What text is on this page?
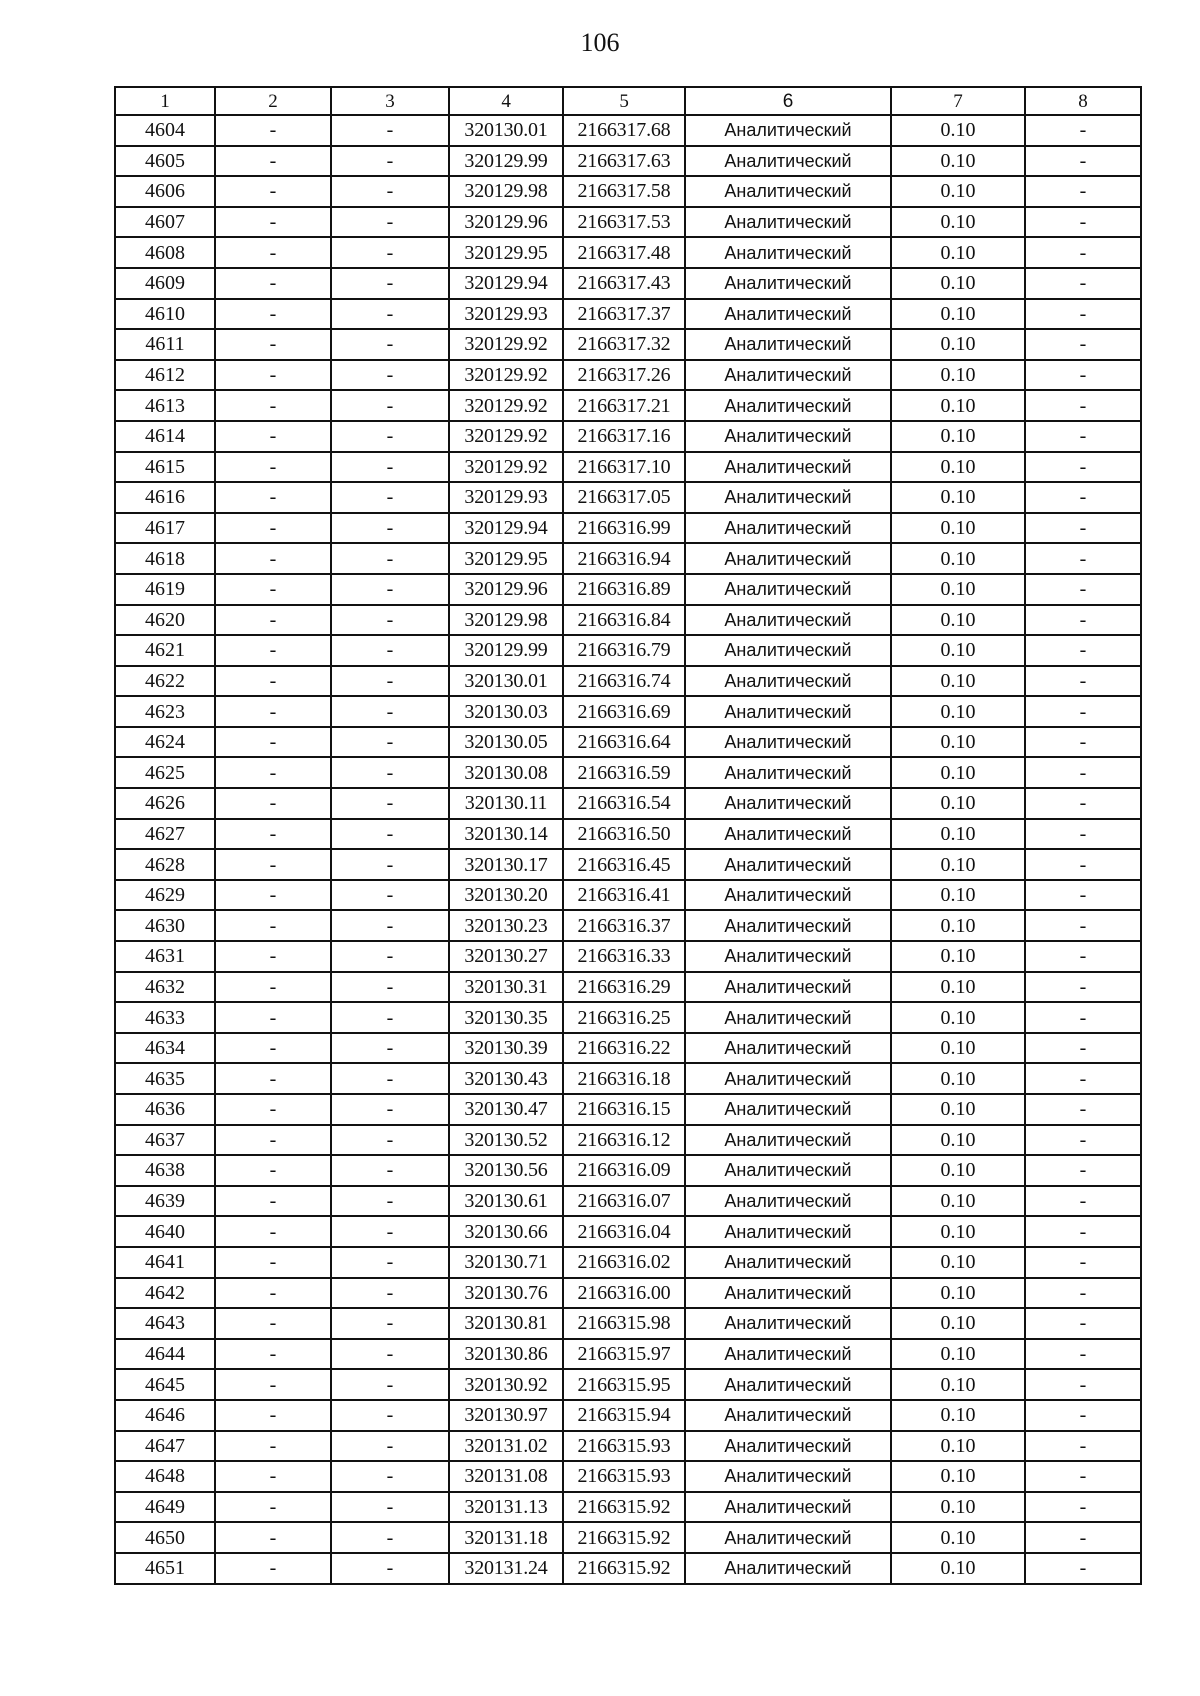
106
1	2	3	4	5	6	7	8
4604	-	-	320130.01	2166317.68	Аналитический	0.10	-
4605	-	-	320129.99	2166317.63	Аналитический	0.10	-
4606	-	-	320129.98	2166317.58	Аналитический	0.10	-
4607	-	-	320129.96	2166317.53	Аналитический	0.10	-
4608	-	-	320129.95	2166317.48	Аналитический	0.10	-
4609	-	-	320129.94	2166317.43	Аналитический	0.10	-
4610	-	-	320129.93	2166317.37	Аналитический	0.10	-
4611	-	-	320129.92	2166317.32	Аналитический	0.10	-
4612	-	-	320129.92	2166317.26	Аналитический	0.10	-
4613	-	-	320129.92	2166317.21	Аналитический	0.10	-
4614	-	-	320129.92	2166317.16	Аналитический	0.10	-
4615	-	-	320129.92	2166317.10	Аналитический	0.10	-
4616	-	-	320129.93	2166317.05	Аналитический	0.10	-
4617	-	-	320129.94	2166316.99	Аналитический	0.10	-
4618	-	-	320129.95	2166316.94	Аналитический	0.10	-
4619	-	-	320129.96	2166316.89	Аналитический	0.10	-
4620	-	-	320129.98	2166316.84	Аналитический	0.10	-
4621	-	-	320129.99	2166316.79	Аналитический	0.10	-
4622	-	-	320130.01	2166316.74	Аналитический	0.10	-
4623	-	-	320130.03	2166316.69	Аналитический	0.10	-
4624	-	-	320130.05	2166316.64	Аналитический	0.10	-
4625	-	-	320130.08	2166316.59	Аналитический	0.10	-
4626	-	-	320130.11	2166316.54	Аналитический	0.10	-
4627	-	-	320130.14	2166316.50	Аналитический	0.10	-
4628	-	-	320130.17	2166316.45	Аналитический	0.10	-
4629	-	-	320130.20	2166316.41	Аналитический	0.10	-
4630	-	-	320130.23	2166316.37	Аналитический	0.10	-
4631	-	-	320130.27	2166316.33	Аналитический	0.10	-
4632	-	-	320130.31	2166316.29	Аналитический	0.10	-
4633	-	-	320130.35	2166316.25	Аналитический	0.10	-
4634	-	-	320130.39	2166316.22	Аналитический	0.10	-
4635	-	-	320130.43	2166316.18	Аналитический	0.10	-
4636	-	-	320130.47	2166316.15	Аналитический	0.10	-
4637	-	-	320130.52	2166316.12	Аналитический	0.10	-
4638	-	-	320130.56	2166316.09	Аналитический	0.10	-
4639	-	-	320130.61	2166316.07	Аналитический	0.10	-
4640	-	-	320130.66	2166316.04	Аналитический	0.10	-
4641	-	-	320130.71	2166316.02	Аналитический	0.10	-
4642	-	-	320130.76	2166316.00	Аналитический	0.10	-
4643	-	-	320130.81	2166315.98	Аналитический	0.10	-
4644	-	-	320130.86	2166315.97	Аналитический	0.10	-
4645	-	-	320130.92	2166315.95	Аналитический	0.10	-
4646	-	-	320130.97	2166315.94	Аналитический	0.10	-
4647	-	-	320131.02	2166315.93	Аналитический	0.10	-
4648	-	-	320131.08	2166315.93	Аналитический	0.10	-
4649	-	-	320131.13	2166315.92	Аналитический	0.10	-
4650	-	-	320131.18	2166315.92	Аналитический	0.10	-
4651	-	-	320131.24	2166315.92	Аналитический	0.10	-
